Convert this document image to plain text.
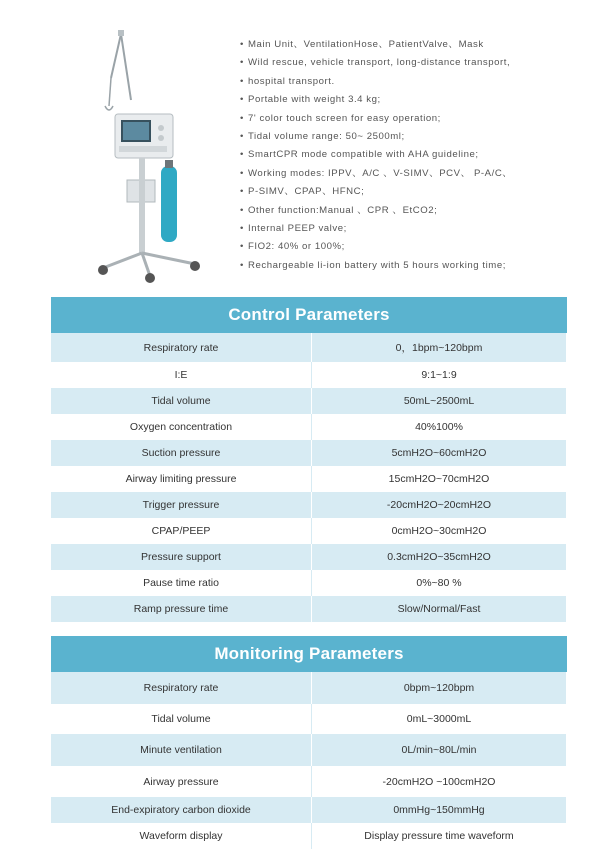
• Main Unit、VentilationHose、PatientValve、Mask
• Wild rescue, vehicle transport, long-distance transport,
• hospital transport.
• Portable with weight 3.4 kg;
• 7' color touch screen for easy operation;
• Tidal volume range: 50~ 2500ml;
• SmartCPR mode compatible with AHA guideline;
• Working modes: IPPV、A/C 、V-SIMV、PCV、 P-A/C、
• P-SIMV、CPAP、HFNC;
• Other function:Manual 、CPR 、EtCO2;
• Internal PEEP valve;
• FIO2: 40% or 100%;
• Rechargeable li-ion battery with 5 hours working time;
Control Parameters
Respiratory rate	0，1bpm~120bpm
I:E	9:1~1:9
Tidal volume	50mL~2500mL
Oxygen concentration	40%100%
Suction pressure	5cmH2O~60cmH2O
Airway limiting pressure	15cmH2O~70cmH2O
Trigger pressure	-20cmH2O~20cmH2O
CPAP/PEEP	0cmH2O~30cmH2O
Pressure support	0.3cmH2O~35cmH2O
Pause time ratio	0%~80 %
Ramp pressure time	Slow/Normal/Fast
Monitoring Parameters
Respiratory rate	0bpm~120bpm
Tidal volume	0mL~3000mL
Minute ventilation	0L/min~80L/min
Airway pressure	-20cmH2O ~100cmH2O
End-expiratory carbon dioxide	0mmHg~150mmHg
Waveform display	Display pressure time waveform
